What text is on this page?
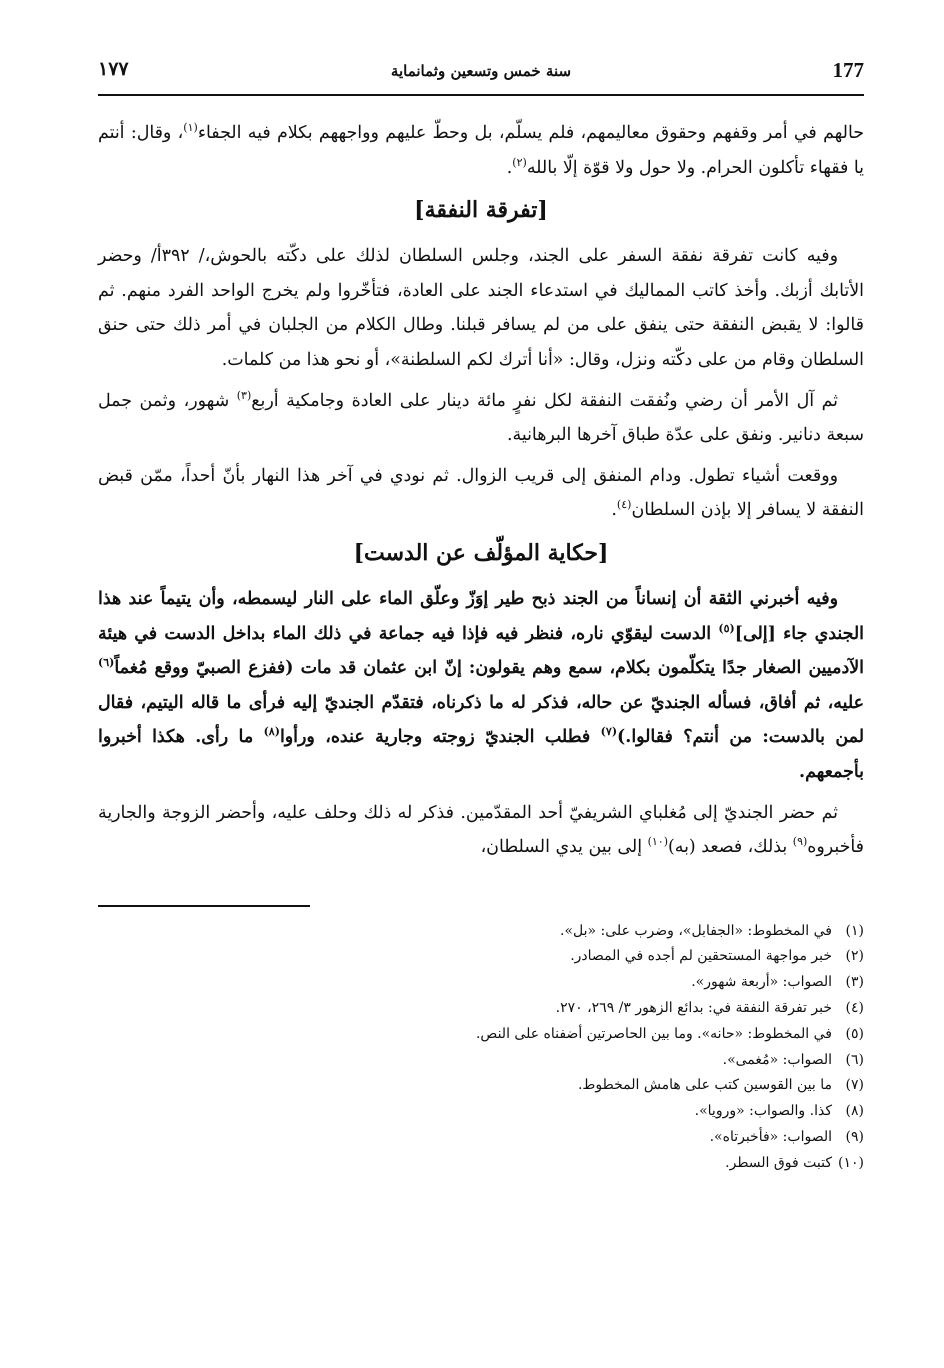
177
سنة خمس وتسعين وثمانماية
١٧٧

حالهم في أمر وقفهم وحقوق معاليمهم، فلم يسلّم، بل وحطّ عليهم وواجههم بكلام فيه الجفاء$^{(١)}$، وقال: أنتم يا فقهاء تأكلون الحرام. ولا حول ولا قوّة إلّا بالله$^{(٢)}$.

[تفرقة النفقة]

وفيه كانت تفرقة نفقة السفر على الجند، وجلس السلطان لذلك على دكّته بالحوش،/ ٣٩٢أ/ وحضر الأتابك أزبك. وأخذ كاتب المماليك في استدعاء الجند على العادة، فتأخّروا ولم يخرج الواحد الفرد منهم. ثم قالوا: لا يقبض النفقة حتى ينفق على من لم يسافر قبلنا. وطال الكلام من الجلبان في أمر ذلك حتى حنق السلطان وقام من على دكّته ونزل، وقال: «أنا أترك لكم السلطنة»، أو نحو هذا من كلمات.

ثم آل الأمر أن رضي ونُفقت النفقة لكل نفرٍ مائة دينار على العادة وجامكية أربع$^{(٣)}$ شهور، وثمن جمل سبعة دنانير. ونفق على عدّة طباق آخرها البرهانية.

ووقعت أشياء تطول. ودام المنفق إلى قريب الزوال. ثم نودي في آخر هذا النهار بأنّ أحداً، ممّن قبض النفقة لا يسافر إلا بإذن السلطان$^{(٤)}$.

[حكاية المؤلّف عن الدست]

وفيه أخبرني الثقة أن إنساناً من الجند ذبح طير إوَزّ وعلّق الماء على النار ليسمطه، وأن يتيماً عند هذا الجندي جاء [إلى]$^{(٥)}$ الدست ليقوّي ناره، فنظر فيه فإذا فيه جماعة في ذلك الماء بداخل الدست في هيئة الآدميين الصغار جدًا يتكلّمون بكلام، سمع وهم يقولون: إنّ ابن عثمان قد مات (ففزع الصبيّ ووقع مُغماً$^{(٦)}$ عليه، ثم أفاق، فسأله الجنديّ عن حاله، فذكر له ما ذكرناه، فتقدّم الجنديّ إليه فرأى ما قاله اليتيم، فقال لمن بالدست: من أنتم؟ فقالوا.)$^{(٧)}$ فطلب الجنديّ زوجته وجارية عنده، ورأوا$^{(٨)}$ ما رأى. هكذا أخبروا بأجمعهم.

ثم حضر الجنديّ إلى مُغلباي الشريفيّ أحد المقدّمين. فذكر له ذلك وحلف عليه، وأحضر الزوجة والجارية فأخبروه$^{(٩)}$ بذلك، فصعد (به)$^{(١٠)}$ إلى بين يدي السلطان،

(١)في المخطوط: «الجفابل»، وضرب على: «بل».
(٢)خبر مواجهة المستحقين لم أجده في المصادر.
(٣)الصواب: «أربعة شهور».
(٤)خبر تفرقة النفقة في: بدائع الزهور ٣/ ٢٦٩، ٢٧٠.
(٥)في المخطوط: «حانه». وما بين الحاصرتين أضفناه على النص.
(٦)الصواب: «مُغمى».
(٧)ما بين القوسين كتب على هامش المخطوط.
(٨)كذا. والصواب: «ورويا».
(٩)الصواب: «فأخبرتاه».
(١٠)كتبت فوق السطر.
